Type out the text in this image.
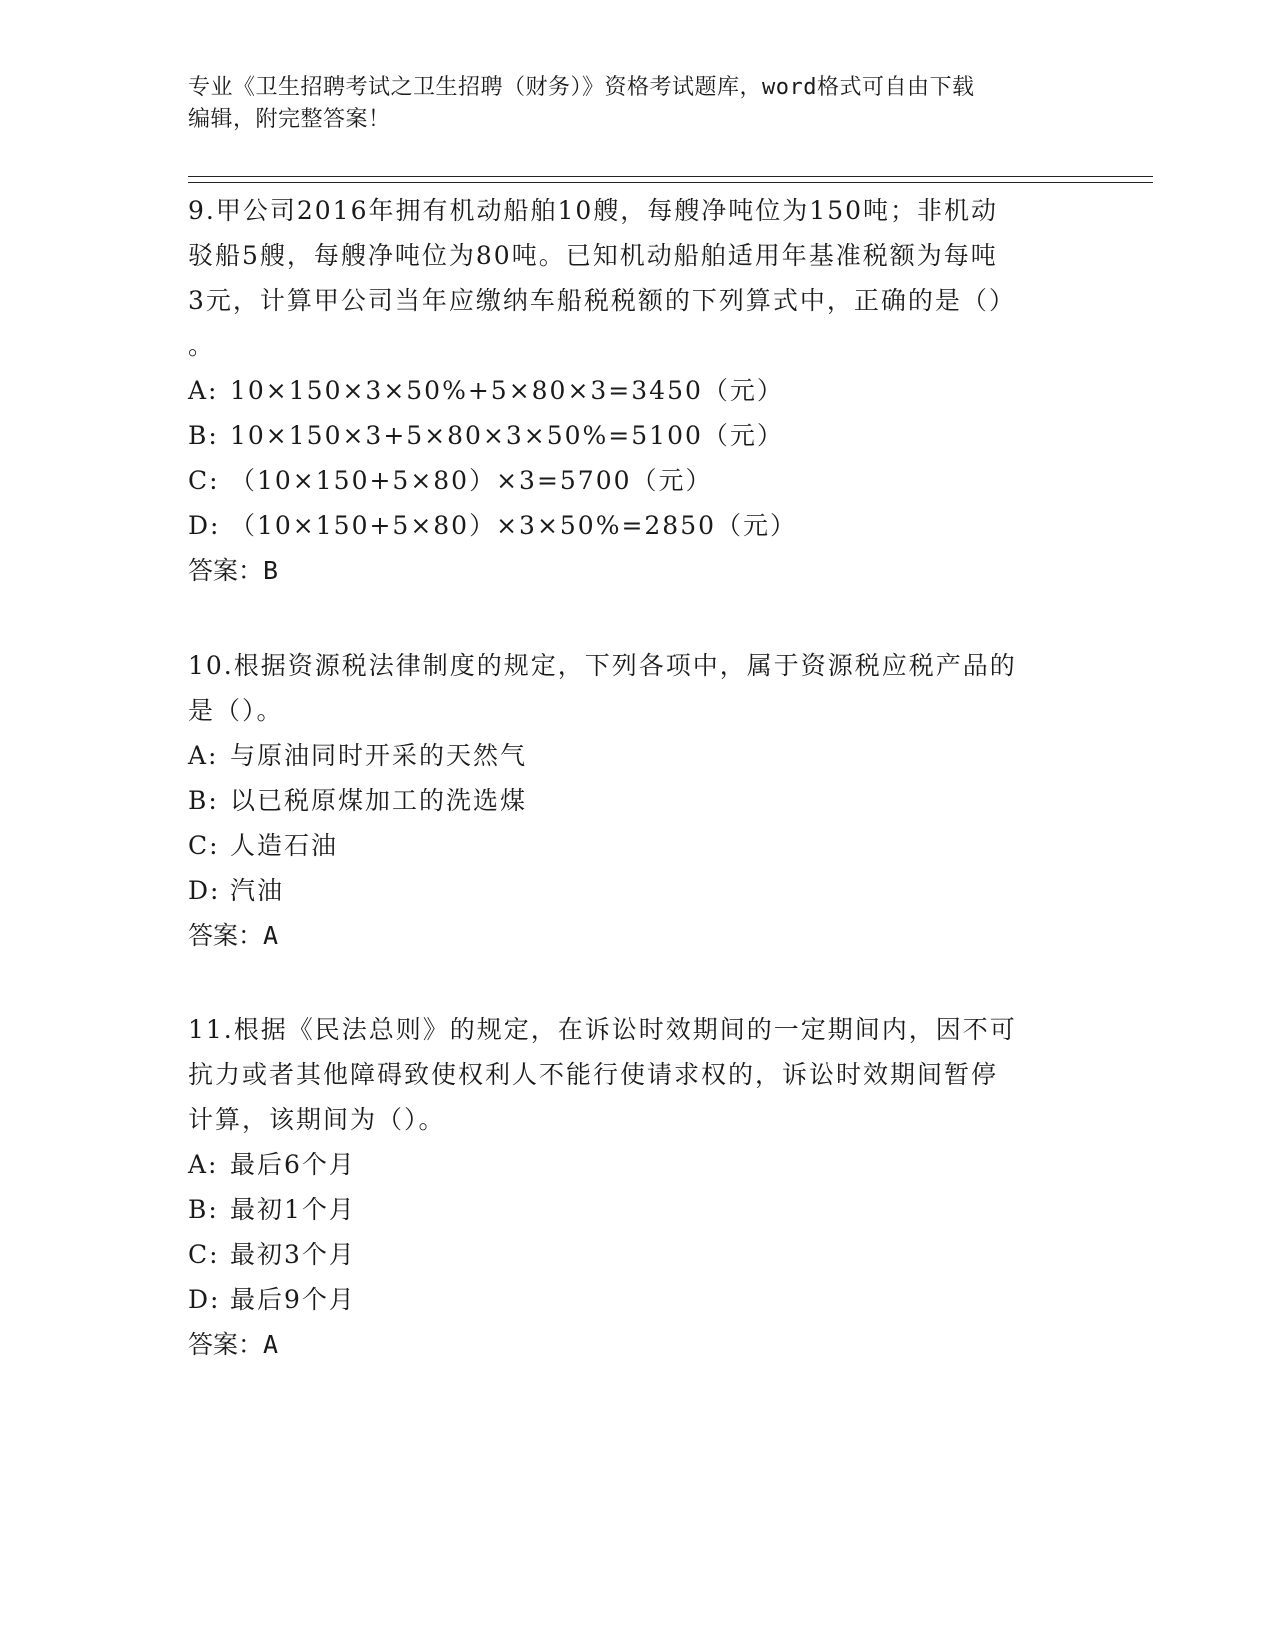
专业《卫生招聘考试之卫生招聘（财务）》资格考试题库，word格式可自由下载
编辑，附完整答案！
9.甲公司2016年拥有机动船舶10艘，每艘净吨位为150吨；非机动
驳船5艘，每艘净吨位为80吨。已知机动船舶适用年基准税额为每吨
3元，计算甲公司当年应缴纳车船税税额的下列算式中，正确的是（）
。
A: 10×150×3×50%+5×80×3=3450（元）
B: 10×150×3+5×80×3×50%=5100（元）
C: （10×150+5×80）×3=5700（元）
D: （10×150+5×80）×3×50%=2850（元）
答案：B
10.根据资源税法律制度的规定，下列各项中，属于资源税应税产品的
是（）。
A: 与原油同时开采的天然气
B: 以已税原煤加工的洗选煤
C: 人造石油
D: 汽油
答案：A
11.根据《民法总则》的规定，在诉讼时效期间的一定期间内，因不可
抗力或者其他障碍致使权利人不能行使请求权的，诉讼时效期间暂停
计算，该期间为（）。
A: 最后6个月
B: 最初1个月
C: 最初3个月
D: 最后9个月
答案：A
